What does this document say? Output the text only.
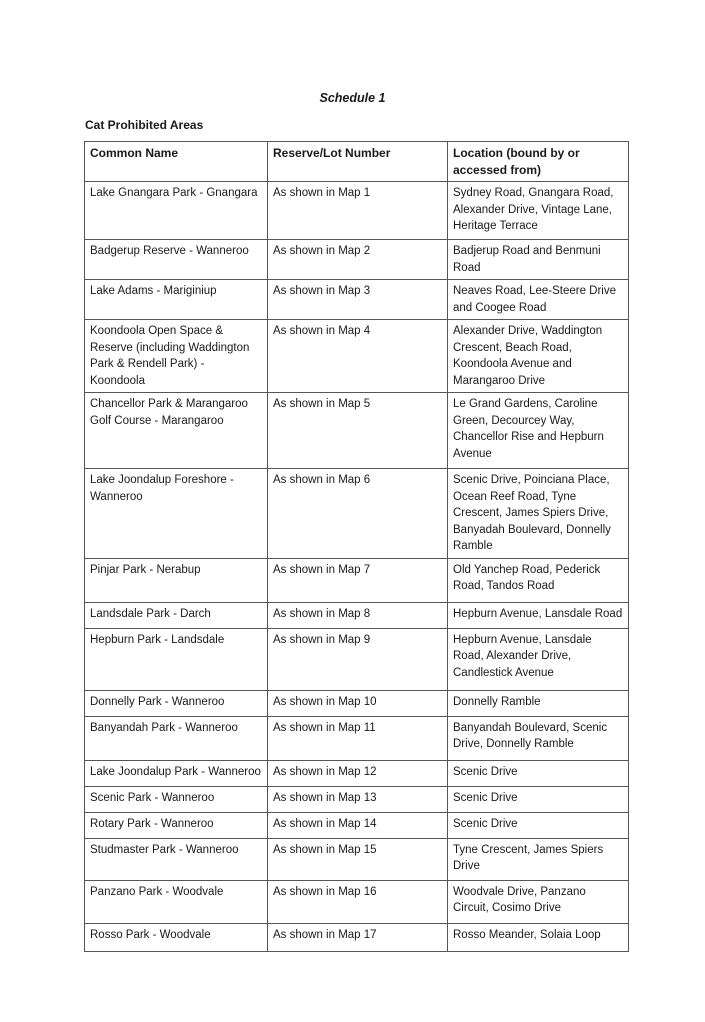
Schedule 1
Cat Prohibited Areas
Common Name	Reserve/Lot Number	Location (bound by or accessed from)
Lake Gnangara Park - Gnangara	As shown in Map 1	Sydney Road, Gnangara Road, Alexander Drive, Vintage Lane, Heritage Terrace
Badgerup Reserve - Wanneroo	As shown in Map 2	Badjerup Road and Benmuni Road
Lake Adams - Mariginiup	As shown in Map 3	Neaves Road, Lee-Steere Drive and Coogee Road
Koondoola Open Space & Reserve (including Waddington Park & Rendell Park) - Koondoola	As shown in Map 4	Alexander Drive, Waddington Crescent, Beach Road, Koondoola Avenue and Marangaroo Drive
Chancellor Park & Marangaroo Golf Course - Marangaroo	As shown in Map 5	Le Grand Gardens, Caroline Green, Decourcey Way, Chancellor Rise and Hepburn Avenue
Lake Joondalup Foreshore - Wanneroo	As shown in Map 6	Scenic Drive, Poinciana Place, Ocean Reef Road, Tyne Crescent, James Spiers Drive, Banyadah Boulevard, Donnelly Ramble
Pinjar Park - Nerabup	As shown in Map 7	Old Yanchep Road, Pederick Road, Tandos Road
Landsdale Park - Darch	As shown in Map 8	Hepburn Avenue, Lansdale Road
Hepburn Park - Landsdale	As shown in Map 9	Hepburn Avenue, Lansdale Road, Alexander Drive, Candlestick Avenue
Donnelly Park - Wanneroo	As shown in Map 10	Donnelly Ramble
Banyandah Park - Wanneroo	As shown in Map 11	Banyandah Boulevard, Scenic Drive, Donnelly Ramble
Lake Joondalup Park - Wanneroo	As shown in Map 12	Scenic Drive
Scenic Park - Wanneroo	As shown in Map 13	Scenic Drive
Rotary Park - Wanneroo	As shown in Map 14	Scenic Drive
Studmaster Park - Wanneroo	As shown in Map 15	Tyne Crescent, James Spiers Drive
Panzano Park - Woodvale	As shown in Map 16	Woodvale Drive, Panzano Circuit, Cosimo Drive
Rosso Park - Woodvale	As shown in Map 17	Rosso Meander, Solaia Loop
